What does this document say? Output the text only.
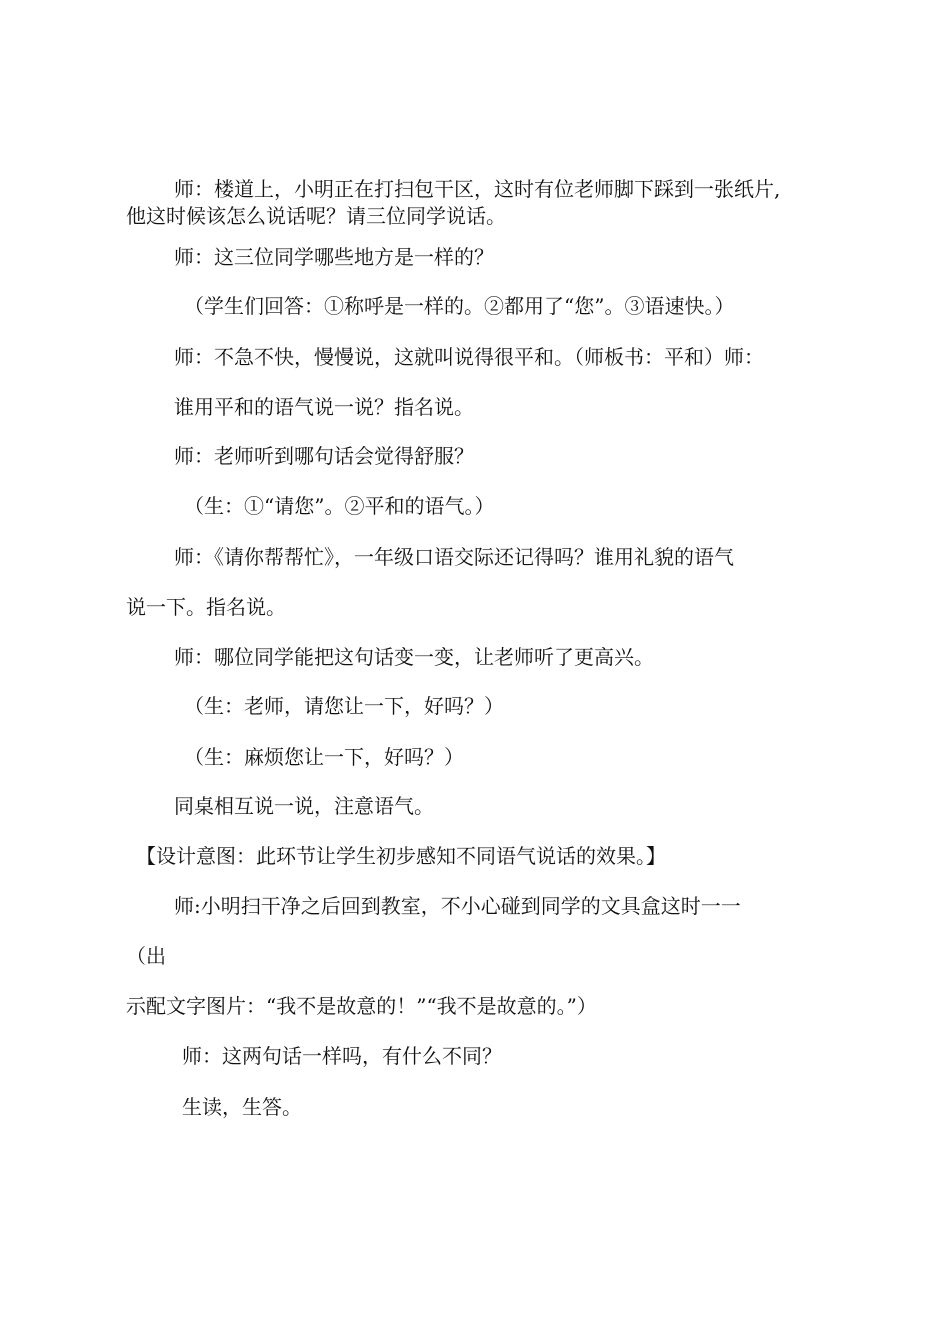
师：楼道上，小明正在打扫包干区，这时有位老师脚下踩到一张纸片,他这时候该怎么说话呢？请三位同学说话。

师：这三位同学哪些地方是一样的？

（学生们回答：①称呼是一样的。②都用了“您”。③语速快。）

师：不急不快，慢慢说，这就叫说得很平和。（师板书：平和）师：

谁用平和的语气说一说？指名说。

师：老师听到哪句话会觉得舒服？

（生：①“请您”。②平和的语气。）

师：《请你帮帮忙》，一年级口语交际还记得吗？谁用礼貌的语气

说一下。指名说。

师：哪位同学能把这句话变一变，让老师听了更高兴。

（生：老师，请您让一下，好吗？）

（生：麻烦您让一下，好吗？）

同桌相互说一说，注意语气。

【设计意图：此环节让学生初步感知不同语气说话的效果。】

师:小明扫干净之后回到教室，不小心碰到同学的文具盒这时一一

（出

示配文字图片：“我不是故意的！”“我不是故意的。”）

师：这两句话一样吗，有什么不同？

生读，生答。
